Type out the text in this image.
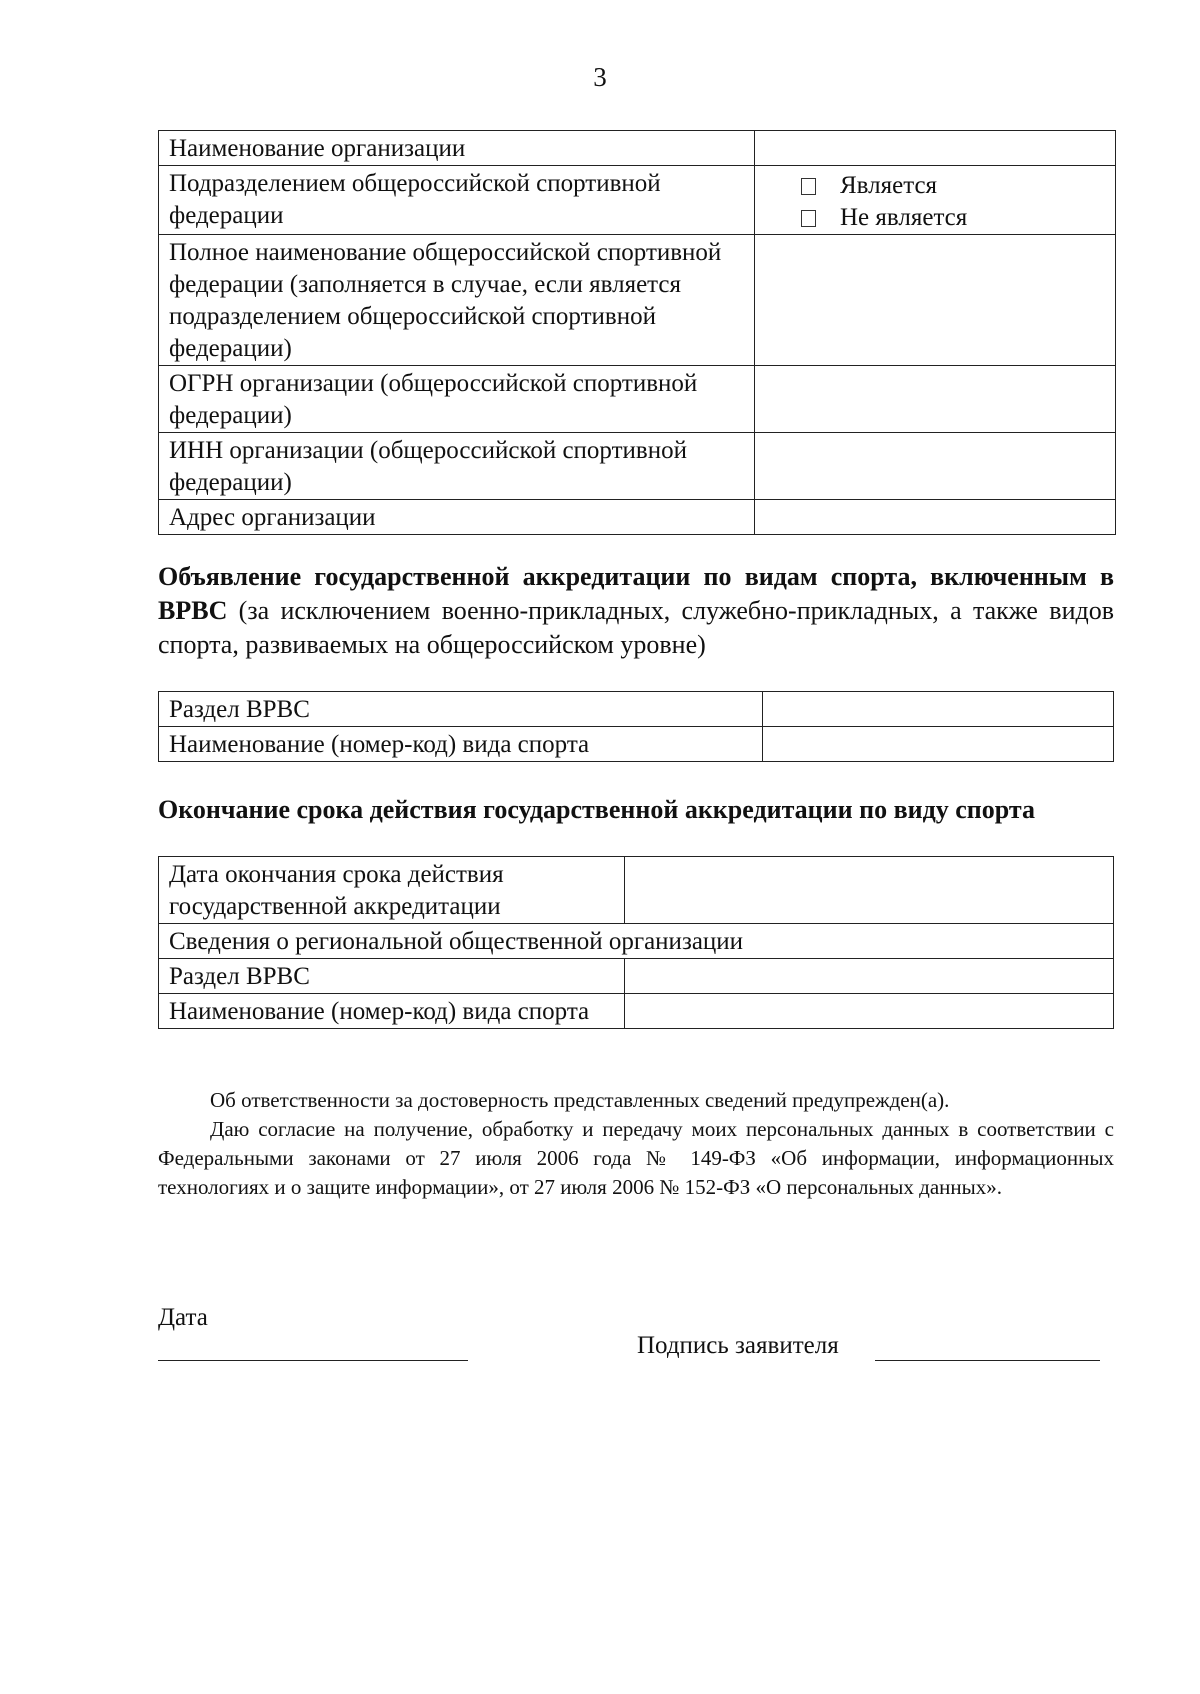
3
Наименование организации	
Подразделением общероссийской спортивной федерации	Является
Не является

Полное наименование общероссийской спортивной федерации (заполняется в случае, если является подразделением общероссийской спортивной федерации)	
ОГРН организации (общероссийской спортивной федерации)	
ИНН организации (общероссийской спортивной федерации)	
Адрес организации	
Объявление государственной аккредитации по видам спорта, включенным в ВРВС (за исключением военно-прикладных, служебно-прикладных, а также видов спорта, развиваемых на общероссийском уровне)
Раздел ВРВС	
Наименование (номер-код) вида спорта	
Окончание срока действия государственной аккредитации по виду спорта
Дата окончания срока действия государственной аккредитации	
Сведения о региональной общественной организации	
Раздел ВРВС	
Наименование (номер-код) вида спорта	
Об ответственности за достоверность представленных сведений предупрежден(а).
Даю согласие на получение, обработку и передачу моих персональных данных в соответствии с Федеральными законами от 27 июля 2006 года № 149-ФЗ «Об информации, информационных технологиях и о защите информации», от 27 июля 2006 № 152-ФЗ «О персональных данных».
Дата
Подпись заявителя
